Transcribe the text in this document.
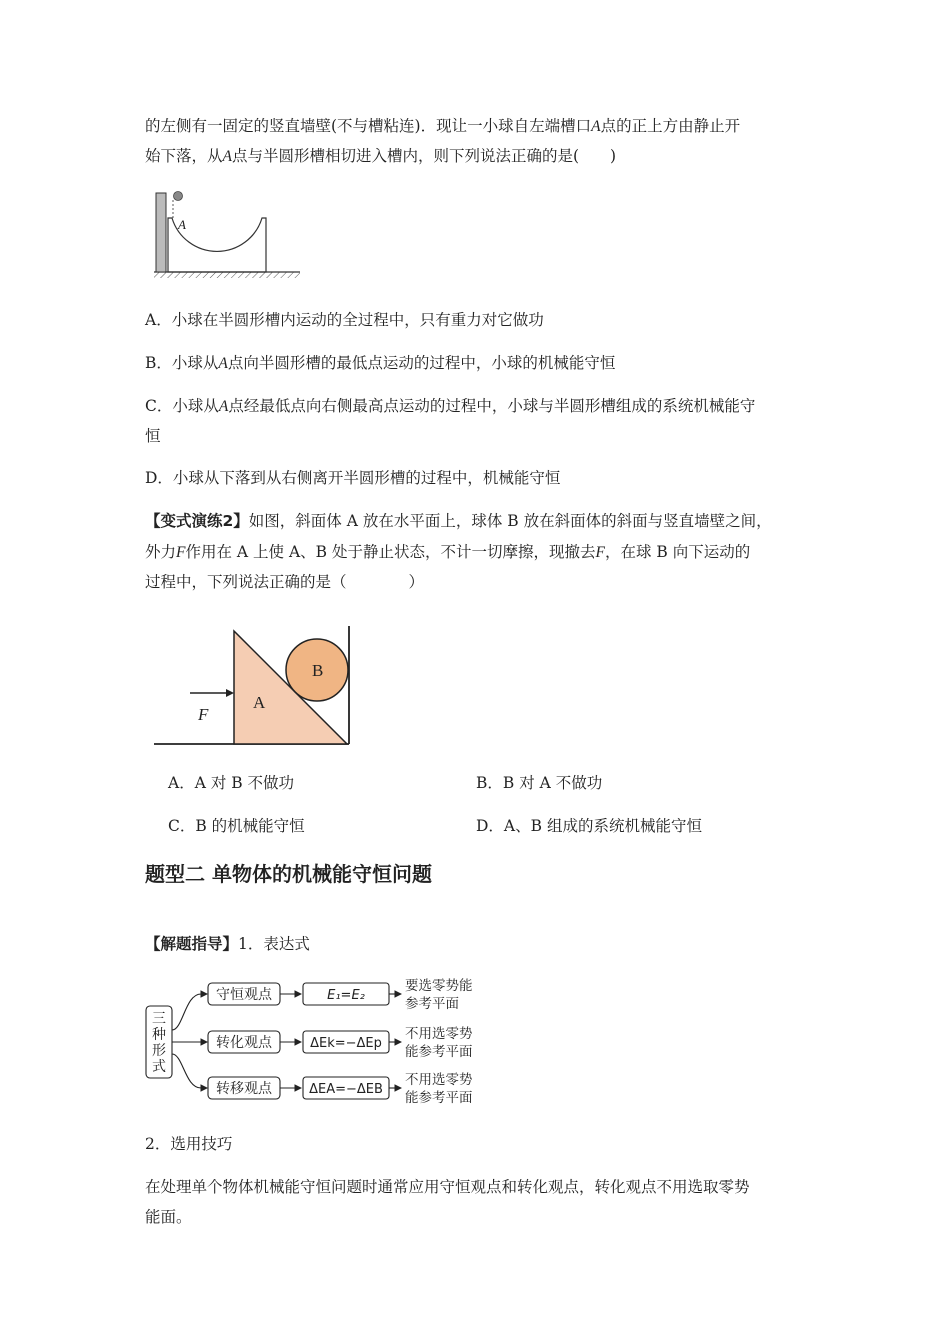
的左侧有一固定的竖直墙壁(不与槽粘连)．现让一小球自左端槽口A点的正上方由静止开

始下落，从A点与半圆形槽相切进入槽内，则下列说法正确的是(　　)

A

A．小球在半圆形槽内运动的全过程中，只有重力对它做功

B．小球从A点向半圆形槽的最低点运动的过程中，小球的机械能守恒

C．小球从A点经最低点向右侧最高点运动的过程中，小球与半圆形槽组成的系统机械能守

恒

D．小球从下落到从右侧离开半圆形槽的过程中，机械能守恒

【变式演练2】如图，斜面体 A 放在水平面上，球体 B 放在斜面体的斜面与竖直墙壁之间，

外力F作用在 A 上使 A、B 处于静止状态，不计一切摩擦，现撤去F，在球 B 向下运动的

过程中，下列说法正确的是（　　　　）

A
B
F
A．A 对 B 不做功	B．B 对 A 不做功
C．B 的机械能守恒	D．A、B 组成的系统机械能守恒
题型二 单物体的机械能守恒问题

【解题指导】1．表达式

三
种
形
式
守恒观点	E₁=E₂
要选零势能
参考平面
转化观点	ΔEk=−ΔEp
不用选零势
能参考平面
转移观点	ΔEA=−ΔEB
不用选零势
能参考平面

2．选用技巧

在处理单个物体机械能守恒问题时通常应用守恒观点和转化观点，转化观点不用选取零势

能面。
